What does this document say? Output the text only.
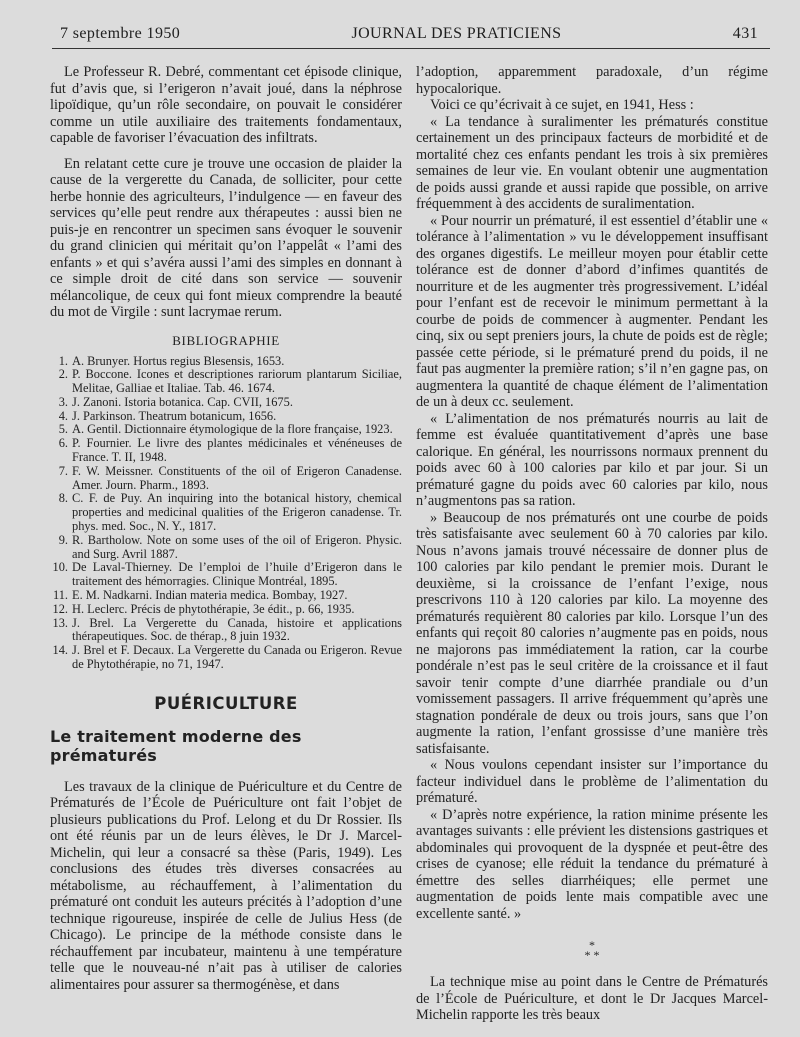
7 septembre 1950	JOURNAL DES PRATICIENS	431

Le Professeur R. Debré, commentant cet épisode clinique, fut d’avis que, si l’erigeron n’avait joué, dans la néphrose lipoïdique, qu’un rôle secondaire, on pouvait le considérer comme un utile auxiliaire des traitements fondamentaux, capable de favoriser l’évacuation des infiltrats.

En relatant cette cure je trouve une occasion de plaider la cause de la vergerette du Canada, de solliciter, pour cette herbe honnie des agriculteurs, l’indulgence — en faveur des services qu’elle peut rendre aux thérapeutes : aussi bien ne puis-je en rencontrer un specimen sans évoquer le souvenir du grand clinicien qui méritait qu’on l’appelât « l’ami des enfants » et qui s’avéra aussi l’ami des simples en donnant à ce simple droit de cité dans son service — souvenir mélancolique, de ceux qui font mieux comprendre la beauté du mot de Virgile : sunt lacrymae rerum.

BIBLIOGRAPHIE
1. A. Brunyer. Hortus regius Blesensis, 1653.
2. P. Boccone. Icones et descriptiones rariorum plantarum Siciliae, Melitae, Galliae et Italiae. Tab. 46. 1674.
3. J. Zanoni. Istoria botanica. Cap. CVII, 1675.
4. J. Parkinson. Theatrum botanicum, 1656.
5. A. Gentil. Dictionnaire étymologique de la flore française, 1923.
6. P. Fournier. Le livre des plantes médicinales et vénéneuses de France. T. II, 1948.
7. F. W. Meissner. Constituents of the oil of Erigeron Canadense. Amer. Journ. Pharm., 1893.
8. C. F. de Puy. An inquiring into the botanical history, chemical properties and medicinal qualities of the Erigeron canadense. Tr. phys. med. Soc., N. Y., 1817.
9. R. Bartholow. Note on some uses of the oil of Erigeron. Physic. and Surg. Avril 1887.
10. De Laval-Thierney. De l’emploi de l’huile d’Erigeron dans le traitement des hémorragies. Clinique Montréal, 1895.
11. E. M. Nadkarni. Indian materia medica. Bombay, 1927.
12. H. Leclerc. Précis de phytothérapie, 3e édit., p. 66, 1935.
13. J. Brel. La Vergerette du Canada, histoire et applications thérapeutiques. Soc. de thérap., 8 juin 1932.
14. J. Brel et F. Decaux. La Vergerette du Canada ou Erigeron. Revue de Phytothérapie, no 71, 1947.
PUÉRICULTURE
Le traitement moderne des prématurés

Les travaux de la clinique de Puériculture et du Centre de Prématurés de l’École de Puériculture ont fait l’objet de plusieurs publications du Prof. Lelong et du Dr Rossier. Ils ont été réunis par un de leurs élèves, le Dr J. Marcel-Michelin, qui leur a consacré sa thèse (Paris, 1949). Les conclusions des études très diverses consacrées au métabolisme, au réchauffement, à l’alimentation du prématuré ont conduit les auteurs précités à l’adoption d’une technique rigoureuse, inspirée de celle de Julius Hess (de Chicago). Le principe de la méthode consiste dans le réchauffement par incubateur, maintenu à une température telle que le nouveau-né n’ait pas à utiliser de calories alimentaires pour assurer sa thermogénèse, et dans

l’adoption, apparemment paradoxale, d’un régime hypocalorique.

Voici ce qu’écrivait à ce sujet, en 1941, Hess :

« La tendance à suralimenter les prématurés constitue certainement un des principaux facteurs de morbidité et de mortalité chez ces enfants pendant les trois à six premières semaines de leur vie. En voulant obtenir une augmentation de poids aussi grande et aussi rapide que possible, on arrive fréquemment à des accidents de suralimentation.

« Pour nourrir un prématuré, il est essentiel d’établir une « tolérance à l’alimentation » vu le développement insuffisant des organes digestifs. Le meilleur moyen pour établir cette tolérance est de donner d’abord d’infimes quantités de nourriture et de les augmenter très progressivement. L’idéal pour l’enfant est de recevoir le minimum permettant à la courbe de poids de commencer à augmenter. Pendant les cinq, six ou sept preniers jours, la chute de poids est de règle; passée cette période, si le prématuré prend du poids, il ne faut pas augmenter la première ration; s’il n’en gagne pas, on augmentera la quantité de chaque élément de l’alimentation de un à deux cc. seulement.

« L’alimentation de nos prématurés nourris au lait de femme est évaluée quantitativement d’après une base calorique. En général, les nourrissons normaux prennent du poids avec 60 à 100 calories par kilo et par jour. Si un prématuré gagne du poids avec 60 calories par kilo, nous n’augmentons pas sa ration.

» Beaucoup de nos prématurés ont une courbe de poids très satisfaisante avec seulement 60 à 70 calories par kilo. Nous n’avons jamais trouvé nécessaire de donner plus de 100 calories par kilo pendant le premier mois. Durant le deuxième, si la croissance de l’enfant l’exige, nous prescrivons 110 à 120 calories par kilo. La moyenne des prématurés requièrent 80 calories par kilo. Lorsque l’un des enfants qui reçoit 80 calories n’augmente pas en poids, nous ne majorons pas immédiatement la ration, car la courbe pondérale n’est pas le seul critère de la croissance et il faut savoir tenir compte d’une diarrhée prandiale ou d’un vomissement passagers. Il arrive fréquemment qu’après une stagnation pondérale de deux ou trois jours, sans que l’on augmente la ration, l’enfant grossisse d’une manière très satisfaisante.

« Nous voulons cependant insister sur l’importance du facteur individuel dans le problème de l’alimentation du prématuré.

« D’après notre expérience, la ration minime présente les avantages suivants : elle prévient les distensions gastriques et abdominales qui provoquent de la dyspnée et peut-être des crises de cyanose; elle réduit la tendance du prématuré à émettre des selles diarrhéiques; elle permet une augmentation de poids lente mais compatible avec une excellente santé. »

*
* *

La technique mise au point dans le Centre de Prématurés de l’École de Puériculture, et dont le Dr Jacques Marcel-Michelin rapporte les très beaux
